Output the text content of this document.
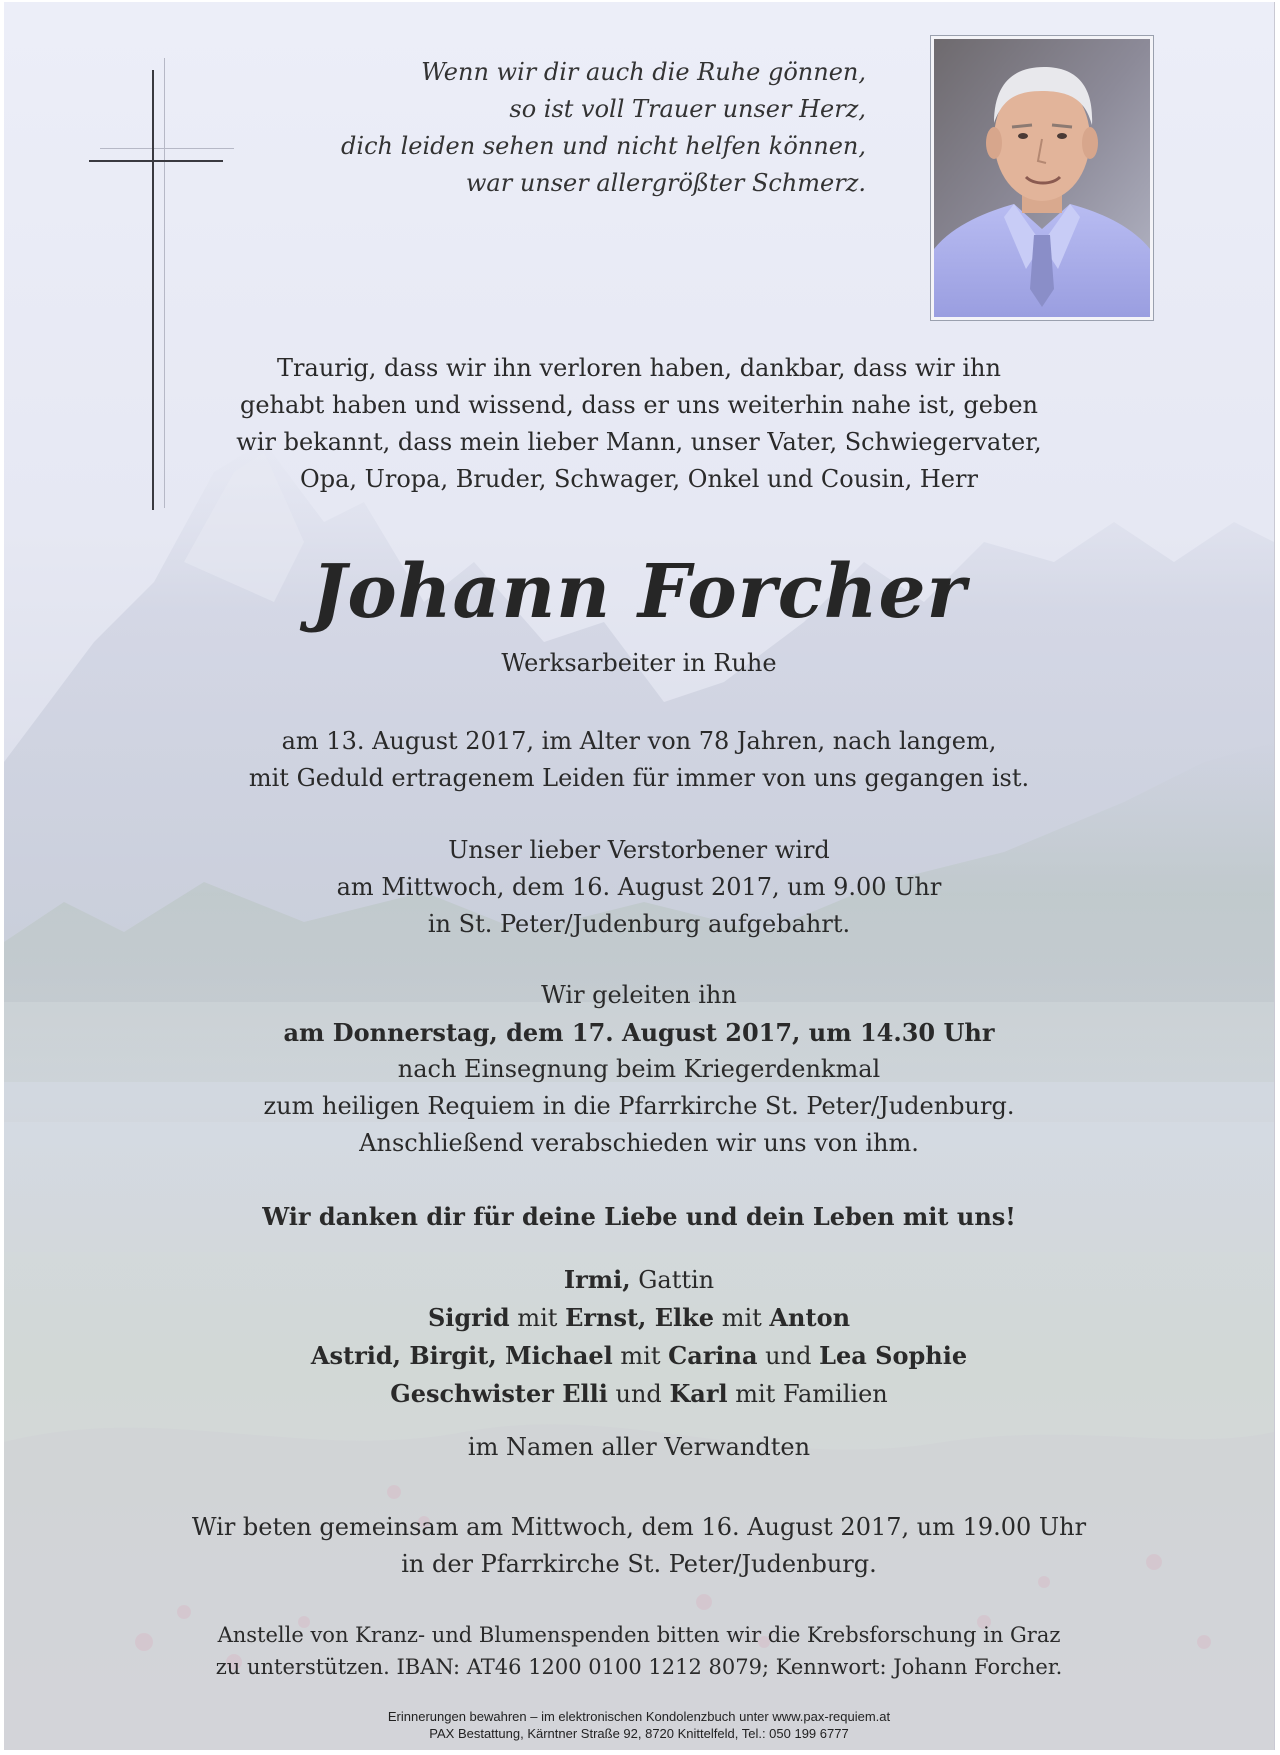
Wenn wir dir auch die Ruhe gönnen,
so ist voll Trauer unser Herz,
dich leiden sehen und nicht helfen können,
war unser allergrößter Schmerz.
Traurig, dass wir ihn verloren haben, dankbar, dass wir ihn
gehabt haben und wissend, dass er uns weiterhin nahe ist, geben
wir bekannt, dass mein lieber Mann, unser Vater, Schwiegervater,
Opa, Uropa, Bruder, Schwager, Onkel und Cousin, Herr
Johann Forcher
Werksarbeiter in Ruhe
am 13. August 2017, im Alter von 78 Jahren, nach langem,
mit Geduld ertragenem Leiden für immer von uns gegangen ist.
Unser lieber Verstorbener wird
am Mittwoch, dem 16. August 2017, um 9.00 Uhr
in St. Peter/Judenburg aufgebahrt.
Wir geleiten ihn
am Donnerstag, dem 17. August 2017, um 14.30 Uhr
nach Einsegnung beim Kriegerdenkmal
zum heiligen Requiem in die Pfarrkirche St. Peter/Judenburg.
Anschließend verabschieden wir uns von ihm.
Wir danken dir für deine Liebe und dein Leben mit uns!
Irmi, Gattin
Sigrid mit Ernst, Elke mit Anton
Astrid, Birgit, Michael mit Carina und Lea Sophie
Geschwister Elli und Karl mit Familien
im Namen aller Verwandten
Wir beten gemeinsam am Mittwoch, dem 16. August 2017, um 19.00 Uhr
in der Pfarrkirche St. Peter/Judenburg.
Anstelle von Kranz- und Blumenspenden bitten wir die Krebsforschung in Graz
zu unterstützen. IBAN: AT46 1200 0100 1212 8079; Kennwort: Johann Forcher.
Erinnerungen bewahren – im elektronischen Kondolenzbuch unter www.pax-requiem.at
PAX Bestattung, Kärntner Straße 92, 8720 Knittelfeld, Tel.: 050 199 6777
